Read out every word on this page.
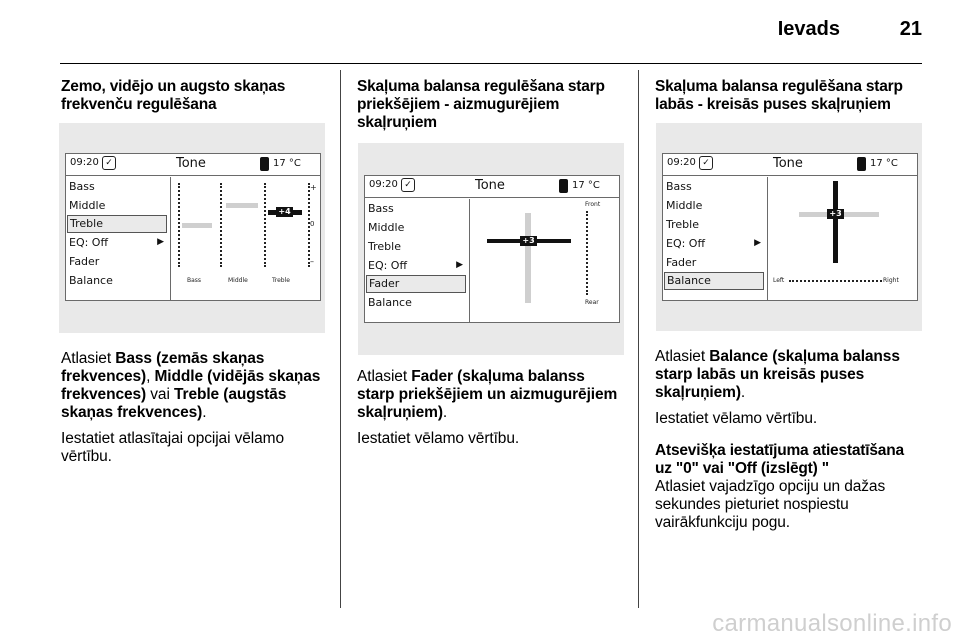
Ievads	21
Zemo, vidējo un augsto skaņas frekvenču regulēšana
09:20 ✓	Tone	17 °C
Bass
Middle
Treble
EQ: Off	▶
Fader
Balance
+4
+
0
–
Bass	Middle	Treble

Atlasiet Bass (zemās skaņas frekvences), Middle (vidējās skaņas frekvences) vai Treble (augstās skaņas frekvences).

Iestatiet atlasītajai opcijai vēlamo vērtību.

Skaļuma balansa regulēšana starp priekšējiem - aizmugurējiem skaļruņiem
09:20 ✓	Tone	17 °C
Bass
Middle
Treble
EQ: Off	▶
Fader
Balance
+3
Front
Rear

Atlasiet Fader (skaļuma balanss starp priekšējiem un aizmugurējiem skaļruņiem).

Iestatiet vēlamo vērtību.

Skaļuma balansa regulēšana starp labās - kreisās puses skaļruņiem
09:20 ✓	Tone	17 °C
Bass
Middle
Treble
EQ: Off	▶
Fader
Balance
+3
Left	Right

Atlasiet Balance (skaļuma balanss starp labās un kreisās puses skaļruņiem).

Iestatiet vēlamo vērtību.

Atsevišķa iestatījuma atiestatīšana uz "0" vai "Off (izslēgt) "

Atlasiet vajadzīgo opciju un dažas sekundes pieturiet nospiestu vairākfunkciju pogu.

carmanualsonline.info
